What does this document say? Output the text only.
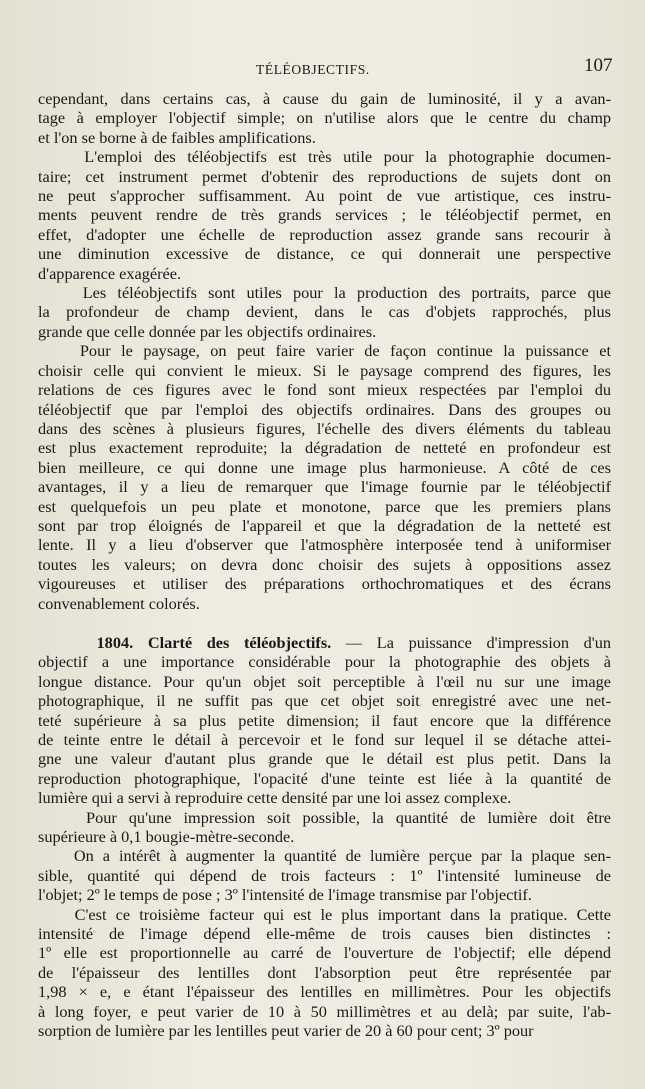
TÉLÉOBJECTIFS.	107
cependant, dans certains cas, à cause du gain de luminosité, il y a avan-
tage à employer l'objectif simple; on n'utilise alors que le centre du champ
et l'on se borne à de faibles amplifications.
L'emploi des téléobjectifs est très utile pour la photographie documen-
taire; cet instrument permet d'obtenir des reproductions de sujets dont on
ne peut s'approcher suffisamment. Au point de vue artistique, ces instru-
ments peuvent rendre de très grands services ; le téléobjectif permet, en
effet, d'adopter une échelle de reproduction assez grande sans recourir à
une diminution excessive de distance, ce qui donnerait une perspective
d'apparence exagérée.
Les téléobjectifs sont utiles pour la production des portraits, parce que
la profondeur de champ devient, dans le cas d'objets rapprochés, plus
grande que celle donnée par les objectifs ordinaires.
Pour le paysage, on peut faire varier de façon continue la puissance et
choisir celle qui convient le mieux. Si le paysage comprend des figures, les
relations de ces figures avec le fond sont mieux respectées par l'emploi du
téléobjectif que par l'emploi des objectifs ordinaires. Dans des groupes ou
dans des scènes à plusieurs figures, l'échelle des divers éléments du tableau
est plus exactement reproduite; la dégradation de netteté en profondeur est
bien meilleure, ce qui donne une image plus harmonieuse. A côté de ces
avantages, il y a lieu de remarquer que l'image fournie par le téléobjectif
est quelquefois un peu plate et monotone, parce que les premiers plans
sont par trop éloignés de l'appareil et que la dégradation de la netteté est
lente. Il y a lieu d'observer que l'atmosphère interposée tend à uniformiser
toutes les valeurs; on devra donc choisir des sujets à oppositions assez
vigoureuses et utiliser des préparations orthochromatiques et des écrans
convenablement colorés.
1804. Clarté des téléobjectifs. — La puissance d'impression d'un
objectif a une importance considérable pour la photographie des objets à
longue distance. Pour qu'un objet soit perceptible à l'œil nu sur une image
photographique, il ne suffit pas que cet objet soit enregistré avec une net-
teté supérieure à sa plus petite dimension; il faut encore que la différence
de teinte entre le détail à percevoir et le fond sur lequel il se détache attei-
gne une valeur d'autant plus grande que le détail est plus petit. Dans la
reproduction photographique, l'opacité d'une teinte est liée à la quantité de
lumière qui a servi à reproduire cette densité par une loi assez complexe.
Pour qu'une impression soit possible, la quantité de lumière doit être
supérieure à 0,1 bougie-mètre-seconde.
On a intérêt à augmenter la quantité de lumière perçue par la plaque sen-
sible, quantité qui dépend de trois facteurs : 1º l'intensité lumineuse de
l'objet; 2º le temps de pose ; 3º l'intensité de l'image transmise par l'objectif.
C'est ce troisième facteur qui est le plus important dans la pratique. Cette
intensité de l'image dépend elle-même de trois causes bien distinctes :
1º elle est proportionnelle au carré de l'ouverture de l'objectif; elle dépend
de l'épaisseur des lentilles dont l'absorption peut être représentée par
1,98 × e, e étant l'épaisseur des lentilles en millimètres. Pour les objectifs
à long foyer, e peut varier de 10 à 50 millimètres et au delà; par suite, l'ab-
sorption de lumière par les lentilles peut varier de 20 à 60 pour cent; 3º pour
